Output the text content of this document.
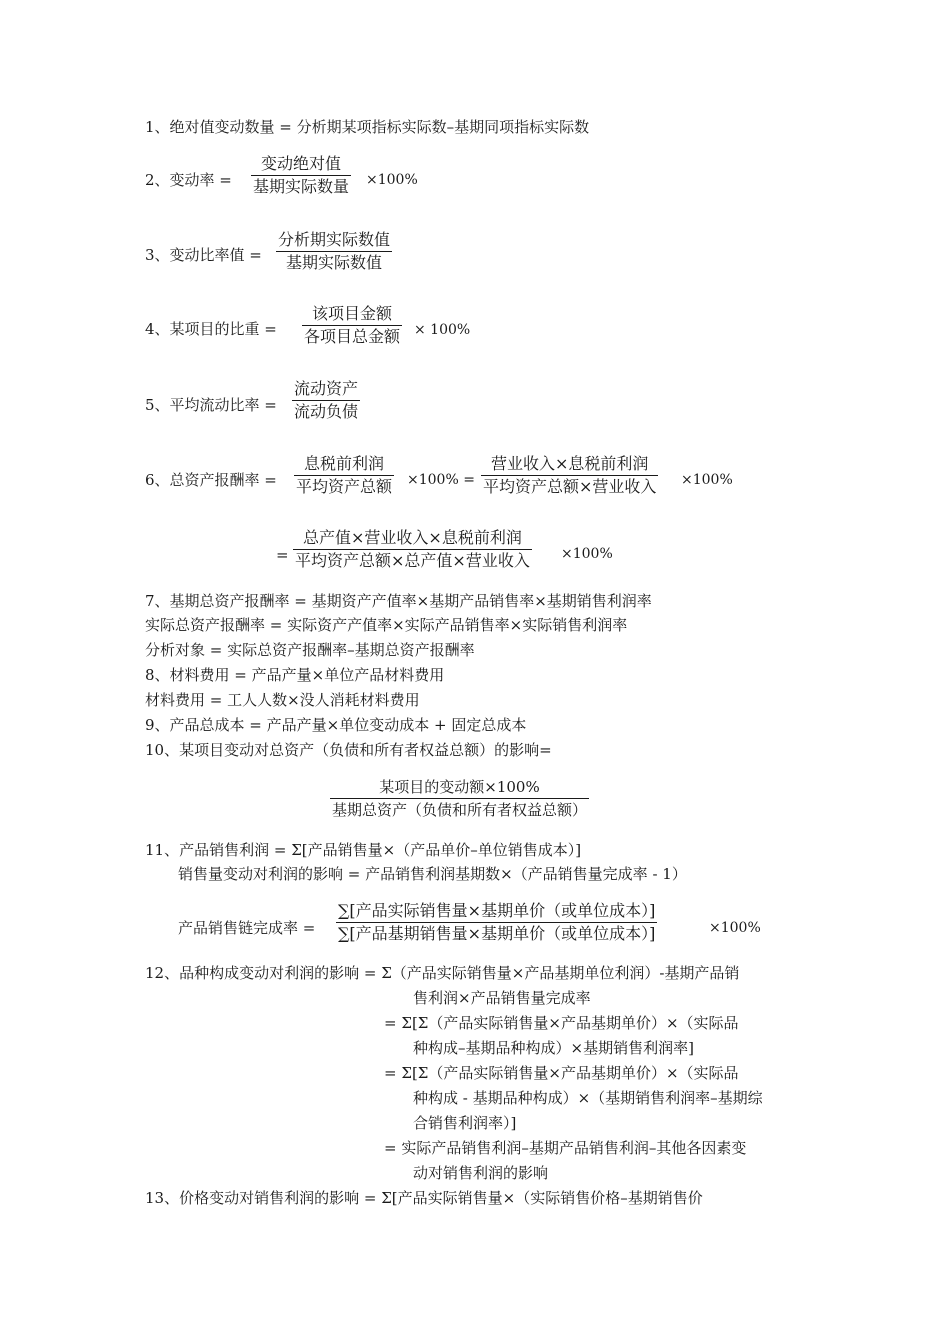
1、绝对值变动数量 = 分析期某项指标实际数–基期同项指标实际数
2、变动率 =
变动绝对值
基期实际数量 ×100%
3、变动比率值 =
分析期实际数值
基期实际数值
4、某项目的比重 =
该项目金额
各项目总金额 × 100%
5、平均流动比率 =
流动资产
流动负债
6、总资产报酬率 =
息税前利润
平均资产总额 ×100% =
营业收入×息税前利润
平均资产总额×营业收入 ×100%
=
总产值×营业收入×息税前利润
平均资产总额×总产值×营业收入 ×100%
7、基期总资产报酬率 = 基期资产产值率×基期产品销售率×基期销售利润率
实际总资产报酬率 = 实际资产产值率×实际产品销售率×实际销售利润率
分析对象 = 实际总资产报酬率–基期总资产报酬率
8、材料费用 = 产品产量×单位产品材料费用
材料费用 = 工人人数×没人消耗材料费用
9、产品总成本 = 产品产量×单位变动成本 + 固定总成本
10、某项目变动对总资产（负债和所有者权益总额）的影响=
某项目的变动额×100%
基期总资产（负债和所有者权益总额）
11、产品销售利润 = Σ[产品销售量×（产品单价–单位销售成本）]
销售量变动对利润的影响 = 产品销售利润基期数×（产品销售量完成率 - 1）
产品销售链完成率 =
∑[产品实际销售量×基期单价（或单位成本）]
∑[产品基期销售量×基期单价（或单位成本）]	×100%
12、品种构成变动对利润的影响 = Σ（产品实际销售量×产品基期单位利润）-基期产品销
售利润×产品销售量完成率
= Σ[Σ（产品实际销售量×产品基期单价）×（实际品
种构成–基期品种构成）×基期销售利润率]
= Σ[Σ（产品实际销售量×产品基期单价）×（实际品
种构成 - 基期品种构成）×（基期销售利润率–基期综
合销售利润率）]
= 实际产品销售利润–基期产品销售利润–其他各因素变
动对销售利润的影响
13、价格变动对销售利润的影响 = Σ[产品实际销售量×（实际销售价格–基期销售价
